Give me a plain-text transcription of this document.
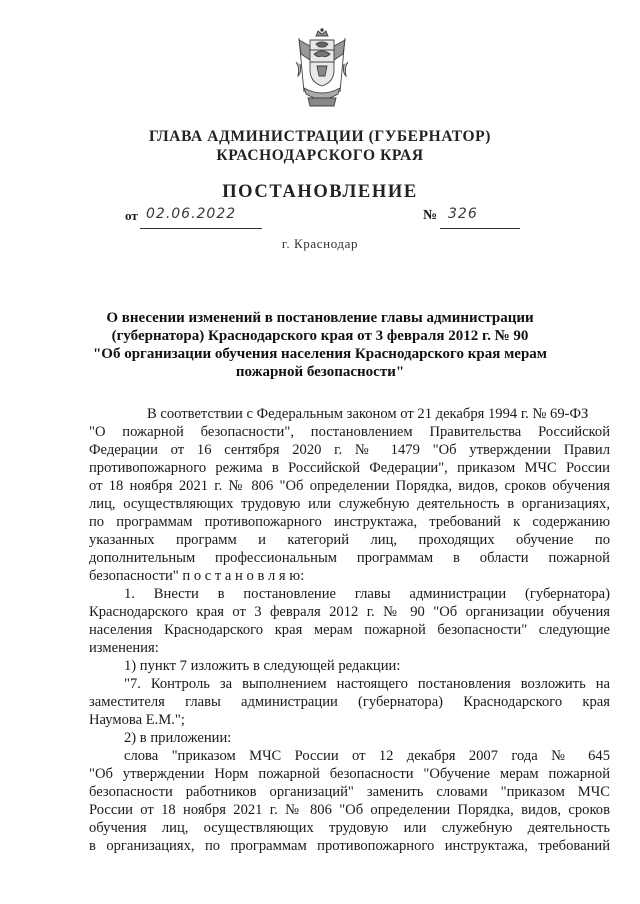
ГЛАВА АДМИНИСТРАЦИИ (ГУБЕРНАТОР)
КРАСНОДАРСКОГО КРАЯ
ПОСТАНОВЛЕНИЕ
от 02.06.2022	№ 326
г. Краснодар
О внесении изменений в постановление главы администрации
(губернатора) Краснодарского края от 3 февраля 2012 г. № 90
"Об организации обучения населения Краснодарского края мерам
пожарной безопасности"
В соответствии с Федеральным законом от 21 декабря 1994 г. № 69-ФЗ
"О пожарной безопасности", постановлением Правительства Российской
Федерации от 16 сентября 2020 г. № 1479 "Об утверждении Правил
противопожарного режима в Российской Федерации", приказом МЧС России
от 18 ноября 2021 г. № 806 "Об определении Порядка, видов, сроков обучения
лиц, осуществляющих трудовую или служебную деятельность в организациях,
по программам противопожарного инструктажа, требований к содержанию
указанных программ и категорий лиц, проходящих обучение по
дополнительным профессиональным программам в области пожарной
безопасности" п о с т а н о в л я ю:
1. Внести в постановление главы администрации (губернатора)
Краснодарского края от 3 февраля 2012 г. № 90 "Об организации обучения
населения Краснодарского края мерам пожарной безопасности" следующие
изменения:
1) пункт 7 изложить в следующей редакции:
"7. Контроль за выполнением настоящего постановления возложить на
заместителя главы администрации (губернатора) Краснодарского края
Наумова Е.М.";
2) в приложении:
слова "приказом МЧС России от 12 декабря 2007 года № 645
"Об утверждении Норм пожарной безопасности "Обучение мерам пожарной
безопасности работников организаций" заменить словами "приказом МЧС
России от 18 ноября 2021 г. № 806 "Об определении Порядка, видов, сроков
обучения лиц, осуществляющих трудовую или служебную деятельность
в организациях, по программам противопожарного инструктажа, требований
